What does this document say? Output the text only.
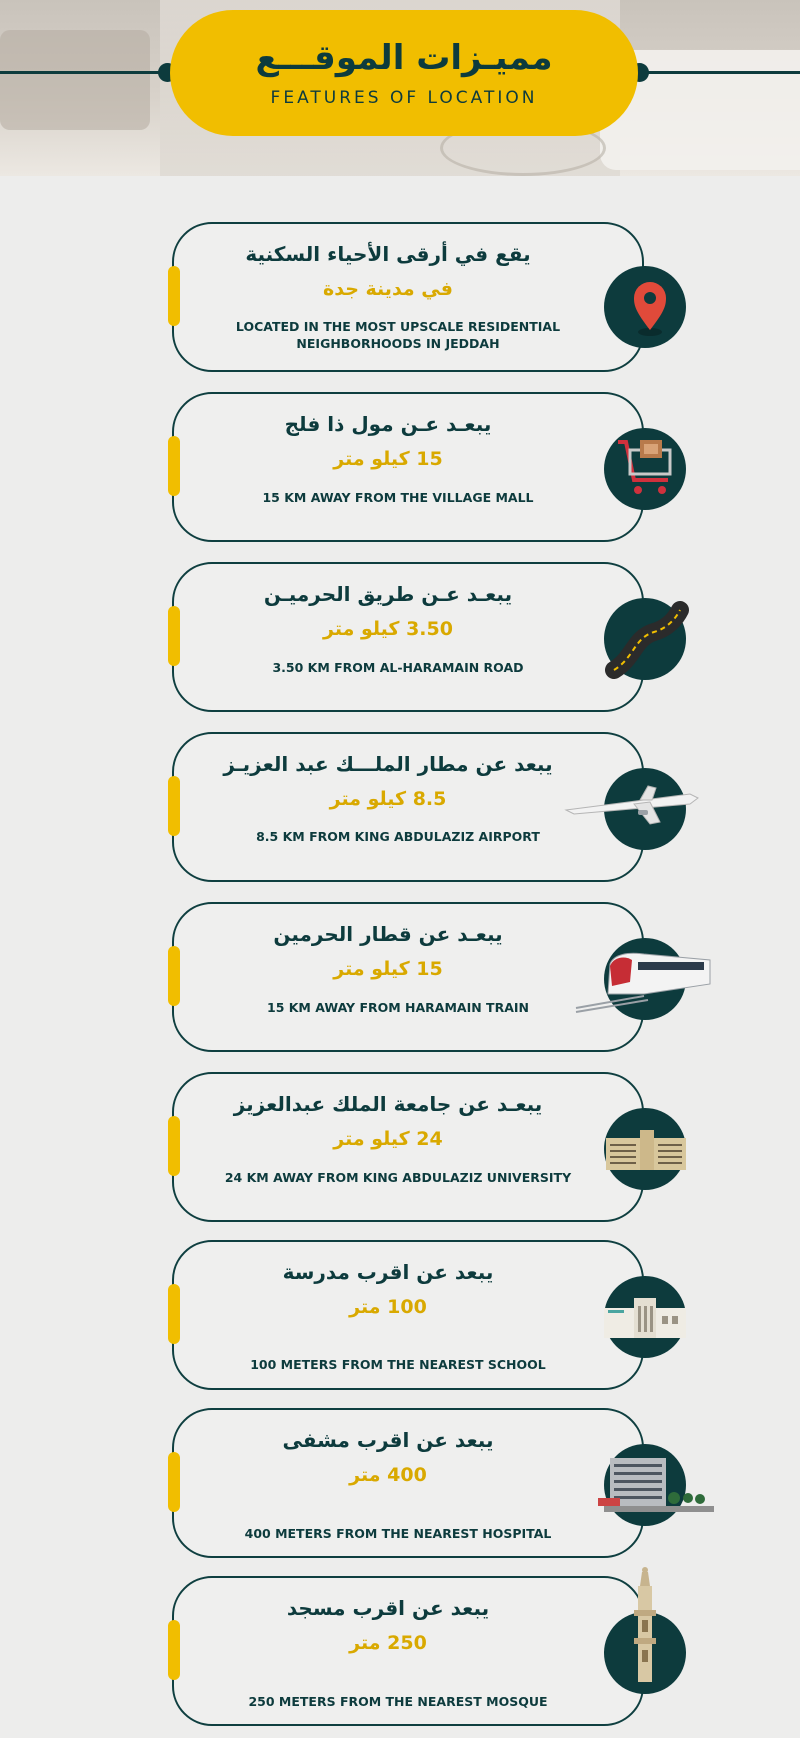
مميـزات الموقـــع
FEATURES OF LOCATION
يقع في أرقى الأحياء السكنية
في مدينة جدة
LOCATED IN THE MOST UPSCALE RESIDENTIAL NEIGHBORHOODS IN JEDDAH
يبعـد عـن مول ذا فلج
15 كيلو متر
15 KM AWAY FROM THE VILLAGE MALL
يبعـد عـن طريق الحرميـن
3.50 كيلو متر
3.50 KM FROM AL-HARAMAIN ROAD
يبعد عن مطار الملـــك عبد العزيـز
8.5 كيلو متر
8.5 KM FROM KING ABDULAZIZ AIRPORT
يبعـد عن قطار الحرمين
15 كيلو متر
15 KM AWAY FROM HARAMAIN TRAIN
يبعـد عن جامعة الملك عبدالعزيز
24 كيلو متر
24 KM AWAY FROM KING ABDULAZIZ UNIVERSITY
يبعد عن اقرب مدرسة
100 متر
100 METERS FROM THE NEAREST SCHOOL
يبعد عن اقرب مشفى
400 متر
400 METERS FROM THE NEAREST HOSPITAL
يبعد عن اقرب مسجد
250 متر
250 METERS FROM THE NEAREST MOSQUE
